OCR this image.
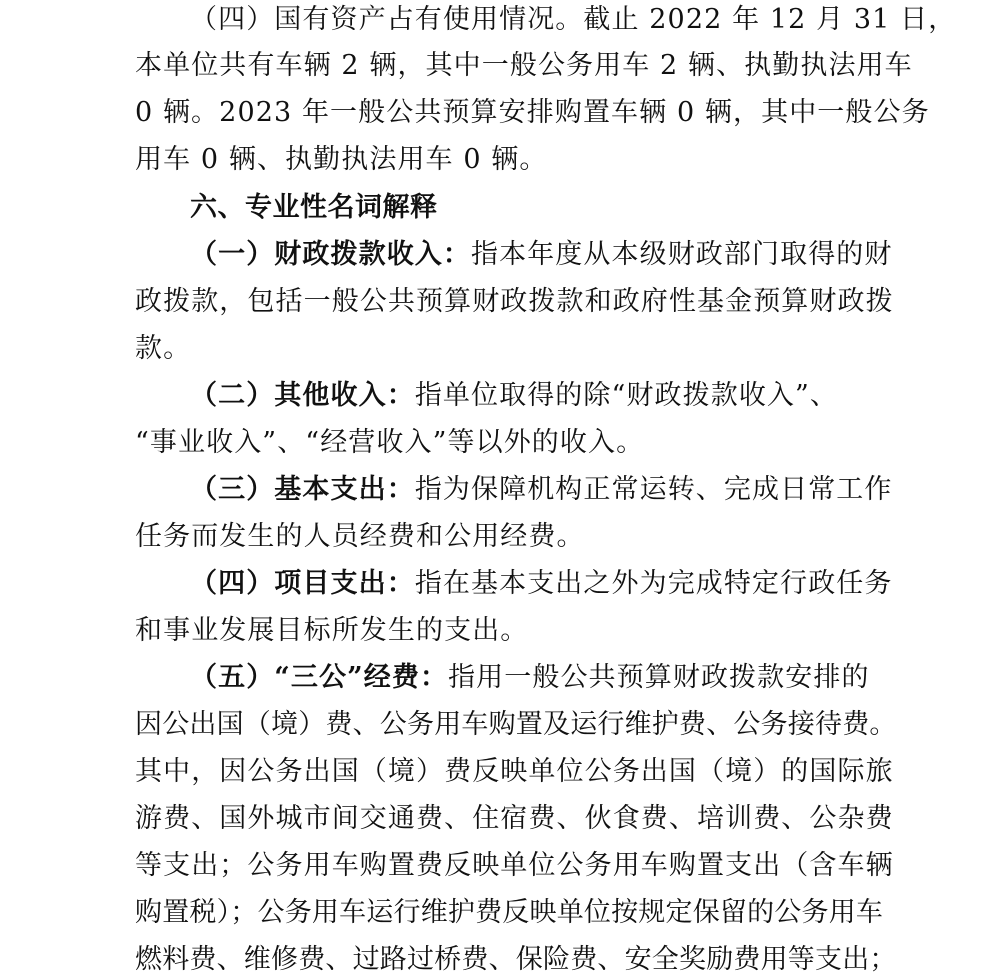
（四）国有资产占有使用情况。截止 2022 年 12 月 31 日，
本单位共有车辆 2 辆，其中一般公务用车 2 辆、执勤执法用车
0 辆。2023 年一般公共预算安排购置车辆 0 辆，其中一般公务
用车 0 辆、执勤执法用车 0 辆。
六、专业性名词解释
（一）财政拨款收入：指本年度从本级财政部门取得的财
政拨款，包括一般公共预算财政拨款和政府性基金预算财政拨
款。
（二）其他收入：指单位取得的除“财政拨款收入”、
“事业收入”、“经营收入”等以外的收入。
（三）基本支出：指为保障机构正常运转、完成日常工作
任务而发生的人员经费和公用经费。
（四）项目支出：指在基本支出之外为完成特定行政任务
和事业发展目标所发生的支出。
（五）“三公”经费：指用一般公共预算财政拨款安排的
因公出国（境）费、公务用车购置及运行维护费、公务接待费。
其中，因公务出国（境）费反映单位公务出国（境）的国际旅
游费、国外城市间交通费、住宿费、伙食费、培训费、公杂费
等支出；公务用车购置费反映单位公务用车购置支出（含车辆
购置税）；公务用车运行维护费反映单位按规定保留的公务用车
燃料费、维修费、过路过桥费、保险费、安全奖励费用等支出；
